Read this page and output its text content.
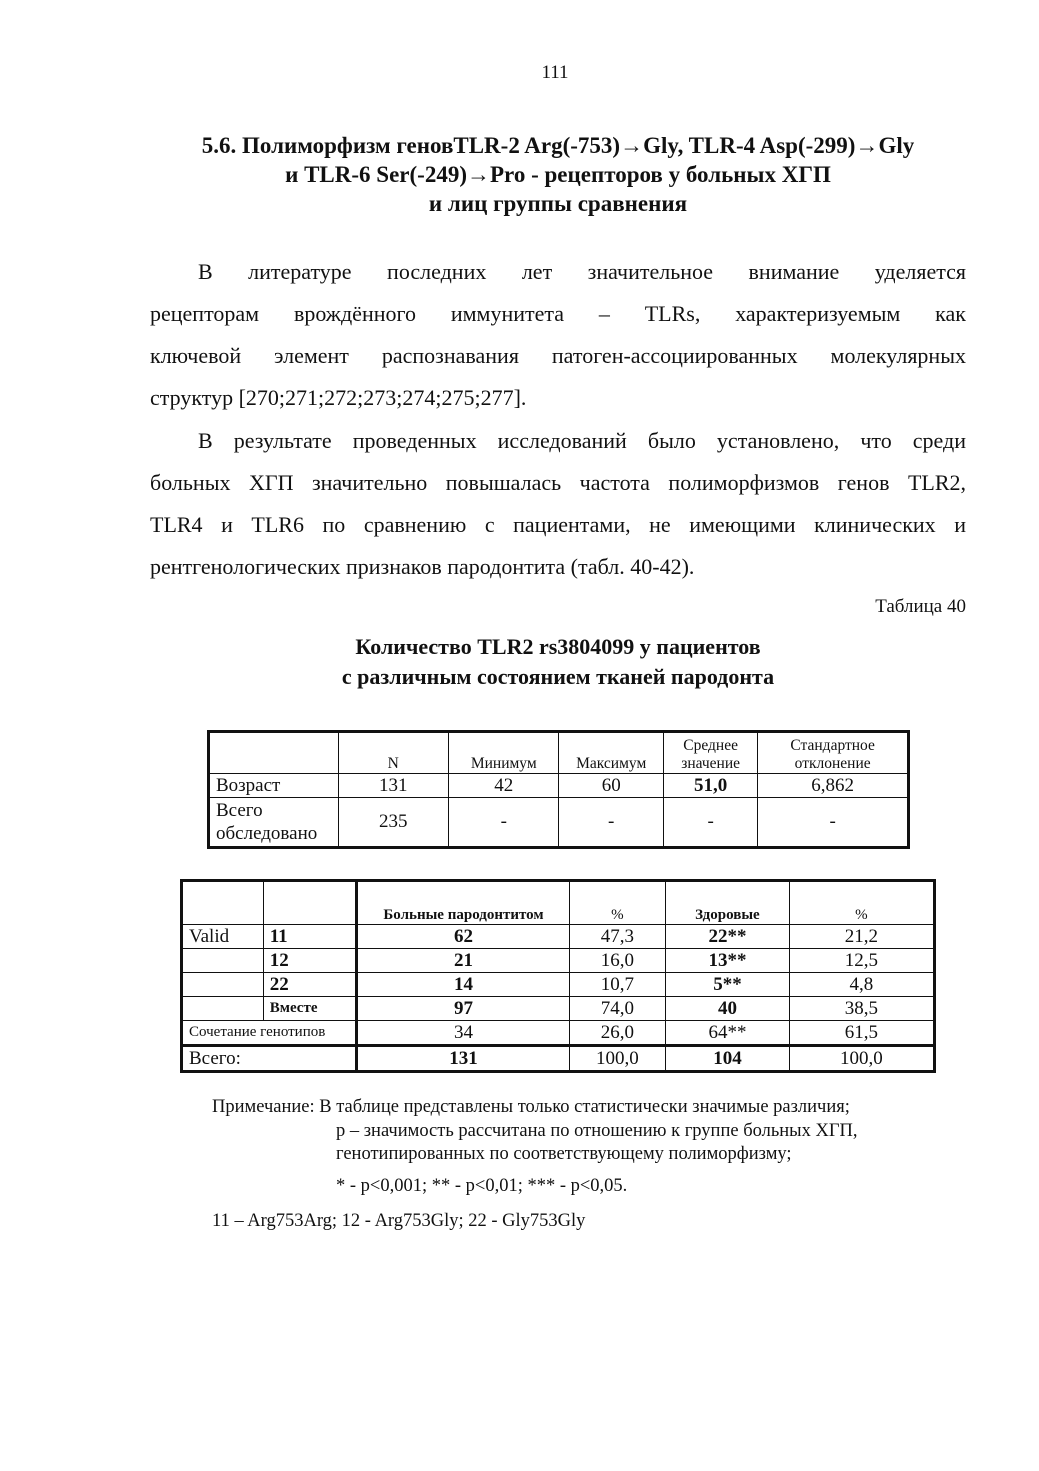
111
5.6. Полиморфизм геновTLR-2 Arg(-753)→Gly, TLR-4 Asp(-299)→Gly
и TLR-6 Ser(-249)→Pro - рецепторов у больных ХГП
и лиц группы сравнения
В литературе последних лет значительное внимание уделяется
рецепторам врождённого иммунитета – TLRs, характеризуемым как
ключевой элемент распознавания патоген-ассоциированных молекулярных
структур [270;271;272;273;274;275;277].
В результате проведенных исследований было установлено, что среди
больных ХГП значительно повышалась частота полиморфизмов генов TLR2,
TLR4 и TLR6 по сравнению с пациентами, не имеющими клинических и
рентгенологических признаков пародонтита (табл. 40-42).
Таблица 40
Количество TLR2 rs3804099 у пациентов
с различным состоянием тканей пародонта
	N	Минимум	Максимум	Среднее значение	Стандартное отклонение
Возраст	131	42	60	51,0	6,862
Всего обследовано	235	-	-	-	-
		Больные пародонтитом	%	Здоровые	%
Valid	11	62	47,3	22**	21,2
	12	21	16,0	13**	12,5
	22	14	10,7	5**	4,8
	Вместе	97	74,0	40	38,5
Сочетание генотипов		34	26,0	64**	61,5
Всего:		131	100,0	104	100,0
Примечание: В таблице представлены только статистически значимые различия;
р – значимость рассчитана по отношению к группе больных ХГП,
генотипированных по соответствующему полиморфизму;
* - р<0,001; ** - р<0,01; *** - р<0,05.
11 – Arg753Arg; 12 - Arg753Gly; 22 - Gly753Gly
